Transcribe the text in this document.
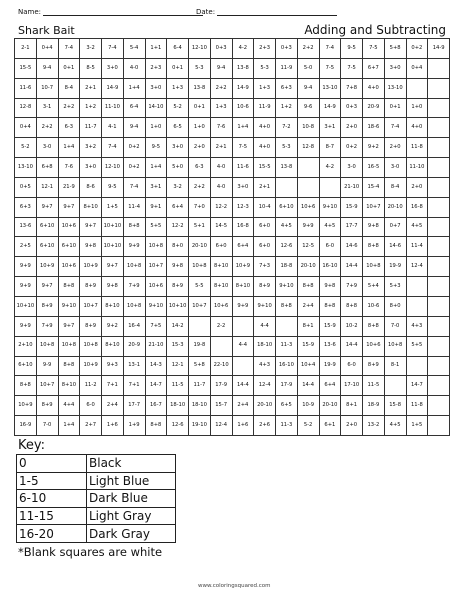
Name:	Date:
Shark Bait	Adding and Subtracting
2-1	0+4	7-4	3-2	7-4	5-4	1+1	6-4	12-10	0+3	4-2	2+3	0+3	2+2	7-4	9-5	7-5	5+8	0+2	14-9
15-5	9-4	0+1	8-5	3+0	4-0	2+3	0+1	5-3	9-4	13-8	5-3	11-9	5-0	7-5	7-5	6+7	3+0	0+4	
11-6	10-7	8-4	2+1	14-9	1+4	3+0	1+3	13-8	2+2	14-9	1+3	6+3	9-4	13-10	7+8	4+0	13-10		
12-8	3-1	2+2	1+2	11-10	6-4	14-10	5-2	0+1	1+3	10-6	11-9	1+2	9-6	14-9	0+3	20-9	0+1	1+0	
0+4	2+2	6-3	11-7	4-1	9-4	1+0	6-5	1+0	7-6	1+4	4+0	7-2	10-8	3+1	2+0	18-6	7-4	4+0	
5-2	3-0	1+4	3+2	7-4	0+2	9-5	3+0	2+0	2+1	7-5	4+0	5-3	12-8	8-7	0+2	9+2	2+0	11-8	
13-10	6+8	7-6	3+0	12-10	0+2	1+4	5+0	6-3	4-0	11-6	15-5	13-8		4-2	3-0	16-5	3-0	11-10	
0+5	12-1	21-9	8-6	9-5	7-4	3+1	3-2	2+2	4-0	3+0	2+1				21-10	15-4	8-4	2+0	
6+3	9+7	9+7	8+10	1+5	11-4	9+1	6+4	7+0	12-2	12-3	10-4	6+10	10+6	9+10	15-9	10+7	20-10	16-8	
13-6	6+10	10+6	9+7	10+10	8+8	5+5	12-2	5+1	14-5	16-8	6+0	4+5	9+9	4+5	17-7	9+8	0+7	4+5	
2+5	6+10	6+10	9+8	10+10	9+9	10+8	8+0	20-10	6+0	6+4	6+0	12-6	12-5	6-0	14-6	8+8	14-6	11-4	
9+9	10+9	10+6	10+9	9+7	10+8	10+7	9+8	10+8	8+10	10+9	7+3	18-8	20-10	16-10	14-4	10+8	19-9	12-4	
9+9	9+7	8+8	8+9	9+8	7+9	10+6	8+9	5-5	8+10	8+10	8+9	9+10	8+8	9+8	7+9	5+4	5+3		
10+10	8+9	9+10	10+7	8+10	10+8	9+10	10+10	10+7	10+6	9+9	9+10	8+8	2+4	8+8	8+8	10-6	8+0		
9+9	7+9	9+7	8+9	9+2	16-4	7+5	14-2		2-2		4-4		8+1	15-9	10-2	8+8	7-0	4+3	
2+10	10+8	10+8	10+8	8+10	20-9	21-10	15-3	19-8		4-4	18-10	11-3	15-9	13-6	14-4	10+6	10+8	5+5	
6+10	9-9	8+8	10+9	9+3	13-1	14-3	12-1	5+8	22-10		4+3	16-10	10+4	19-9	6-0	8+9	8-1		
8+8	10+7	8+10	11-2	7+1	7+1	14-7	11-5	11-7	17-9	14-4	12-4	17-9	14-4	6+4	17-10	11-5		14-7	
10+9	8+9	4+4	6-0	2+4	17-7	16-7	18-10	18-10	15-7	2+4	20-10	6+5	10-9	20-10	8+1	18-9	15-8	11-8	
16-9	7-0	1+4	2+7	1+6	1+9	8+8	12-6	19-10	12-4	1+6	2+6	11-3	5-2	6+1	2+0	13-2	4+5	1+5	
Key:
0	Black
1-5	Light Blue
6-10	Dark Blue
11-15	Light Gray
16-20	Dark Gray
*Blank squares are white
www.coloringsquared.com
